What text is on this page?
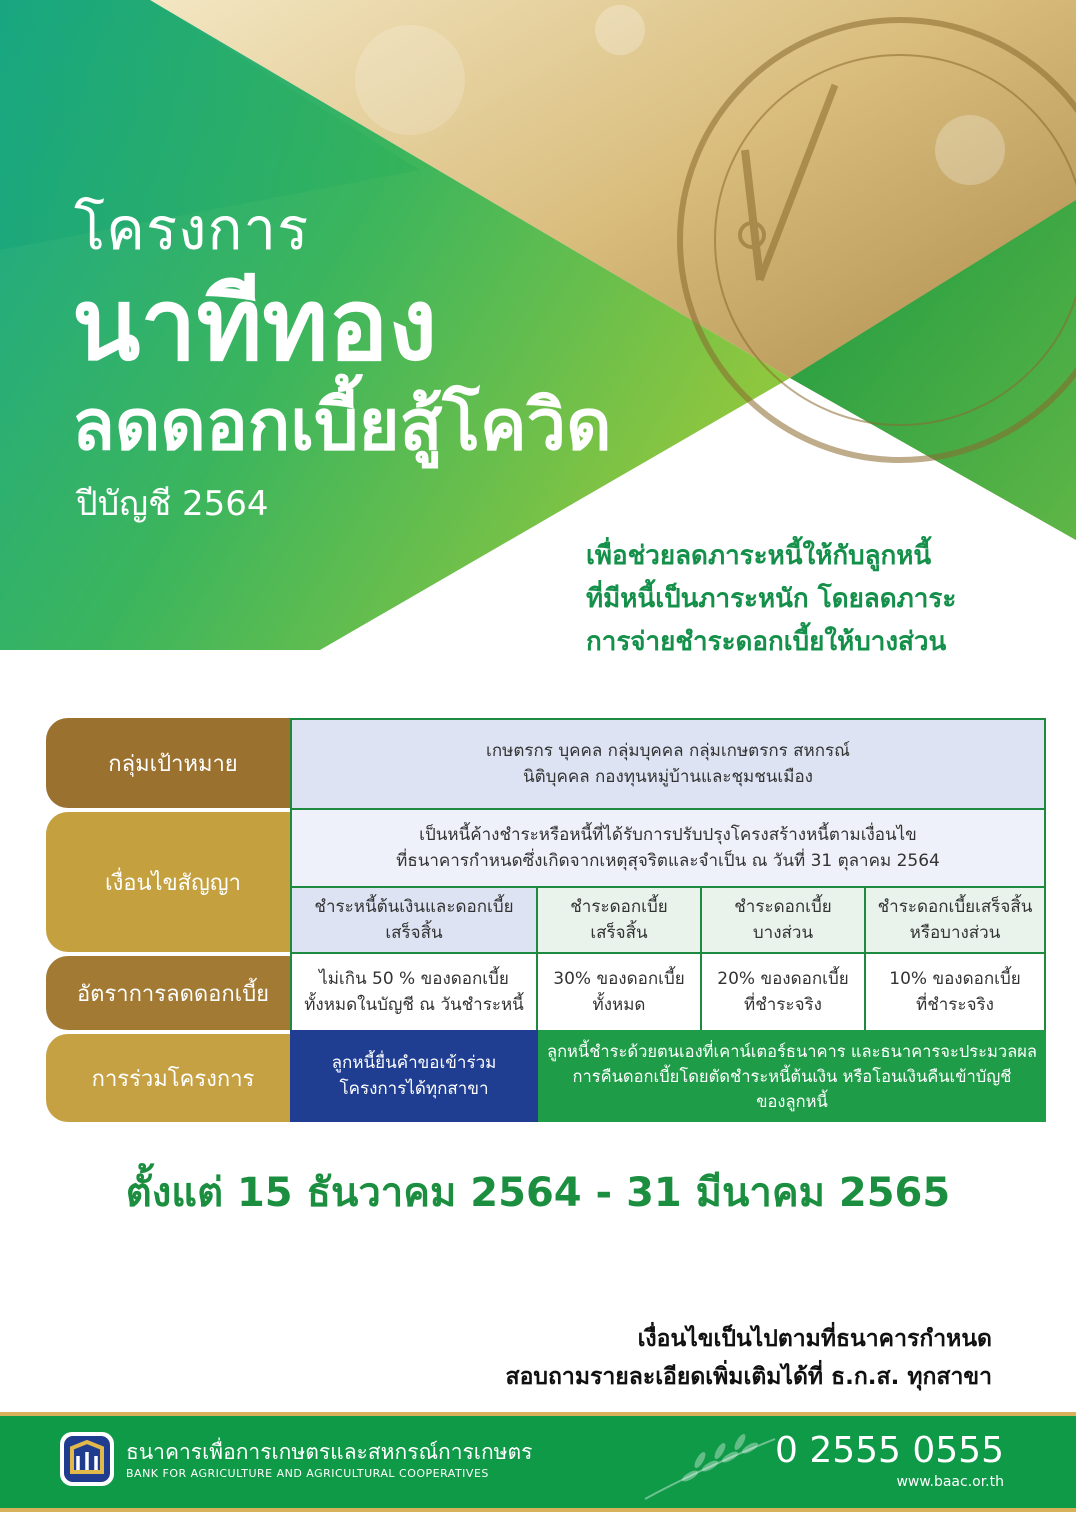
โครงการ
นาทีทอง
ลดดอกเบี้ยสู้โควิด
ปีบัญชี 2564
เพื่อช่วยลดภาระหนี้ให้กับลูกหนี้
ที่มีหนี้เป็นภาระหนัก โดยลดภาระ
การจ่ายชำระดอกเบี้ยให้บางส่วน
กลุ่มเป้าหมาย
เงื่อนไขสัญญา
อัตราการลดดอกเบี้ย
การร่วมโครงการ
เกษตรกร บุคคล กลุ่มบุคคล กลุ่มเกษตรกร สหกรณ์
นิติบุคคล กองทุนหมู่บ้านและชุมชนเมือง
เป็นหนี้ค้างชำระหรือหนี้ที่ได้รับการปรับปรุงโครงสร้างหนี้ตามเงื่อนไข
ที่ธนาคารกำหนดซึ่งเกิดจากเหตุสุจริตและจำเป็น ณ วันที่ 31 ตุลาคม 2564
ชำระหนี้ต้นเงินและดอกเบี้ย
เสร็จสิ้น
ชำระดอกเบี้ย
เสร็จสิ้น
ชำระดอกเบี้ย
บางส่วน
ชำระดอกเบี้ยเสร็จสิ้น
หรือบางส่วน
ไม่เกิน 50 % ของดอกเบี้ย
ทั้งหมดในบัญชี ณ วันชำระหนี้
30% ของดอกเบี้ย
ทั้งหมด
20% ของดอกเบี้ย
ที่ชำระจริง
10% ของดอกเบี้ย
ที่ชำระจริง
ลูกหนี้ยื่นคำขอเข้าร่วม
โครงการได้ทุกสาขา
ลูกหนี้ชำระด้วยตนเองที่เคาน์เตอร์ธนาคาร และธนาคารจะประมวลผล
การคืนดอกเบี้ยโดยตัดชำระหนี้ต้นเงิน หรือโอนเงินคืนเข้าบัญชี
ของลูกหนี้
ตั้งแต่ 15 ธันวาคม 2564 - 31 มีนาคม 2565
เงื่อนไขเป็นไปตามที่ธนาคารกำหนด
สอบถามรายละเอียดเพิ่มเติมได้ที่ ธ.ก.ส. ทุกสาขา
ธนาคารเพื่อการเกษตรและสหกรณ์การเกษตร
BANK FOR AGRICULTURE AND AGRICULTURAL COOPERATIVES
0 2555 0555
www.baac.or.th
